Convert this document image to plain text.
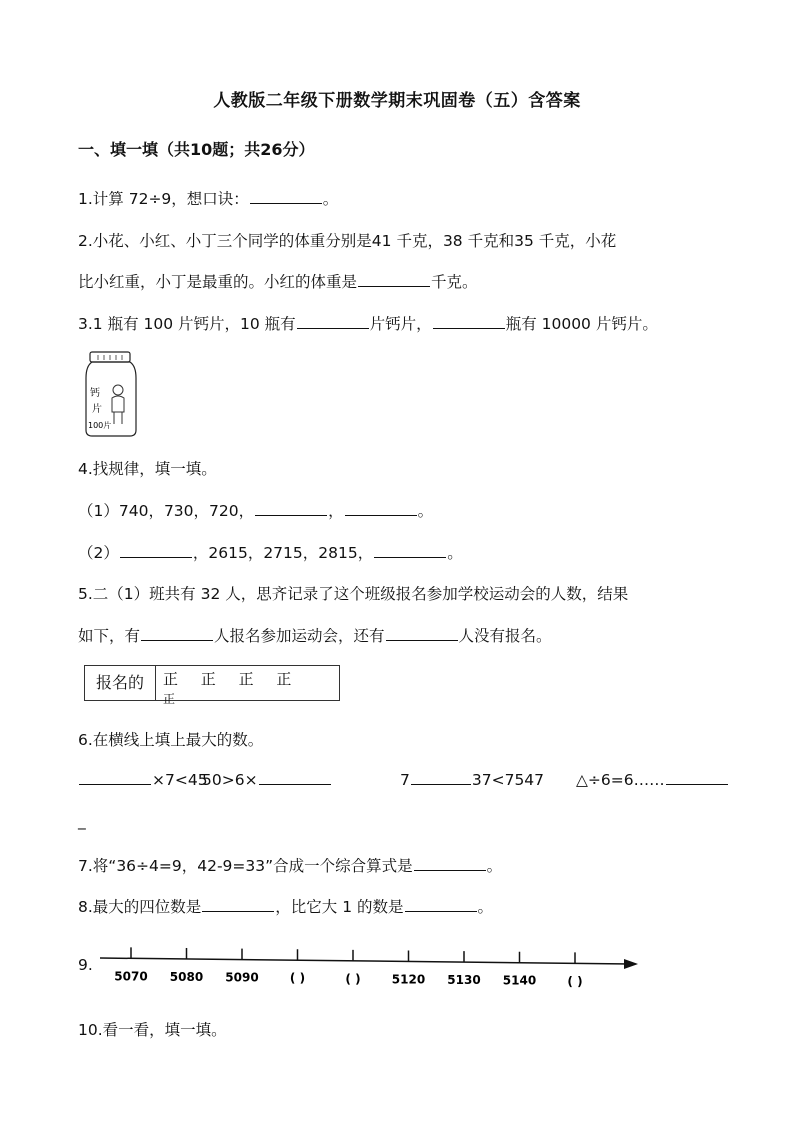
人教版二年级下册数学期末巩固卷（五）含答案
一、填一填（共10题；共26分）
1.计算 72÷9，想口诀：	。
2.小花、小红、小丁三个同学的体重分别是41 千克，38 千克和35 千克，小花
比小红重，小丁是最重的。小红的体重是	千克。
3.1 瓶有 100 片钙片，10 瓶有	片钙片，	瓶有 10000 片钙片。
钙
片
100片
4.找规律，填一填。
（1）740，730，720，	，	。
（2）	，2615，2715，2815，	。
5.二（1）班共有 32 人，思齐记录了这个班级报名参加学校运动会的人数，结果
如下，有	人报名参加运动会，还有	人没有报名。
报名的	正 正 正 正 正
6.在横线上填上最大的数。
×7<45
50>6×	7	37<7547 △÷6=6……
_
7.将“36÷4=9，42-9=33”合成一个综合算式是	。
8.最大的四位数是	，比它大 1 的数是	。
9.
5070 5080 5090	( )	( )	5120 5130 5140	( )
10.看一看，填一填。
